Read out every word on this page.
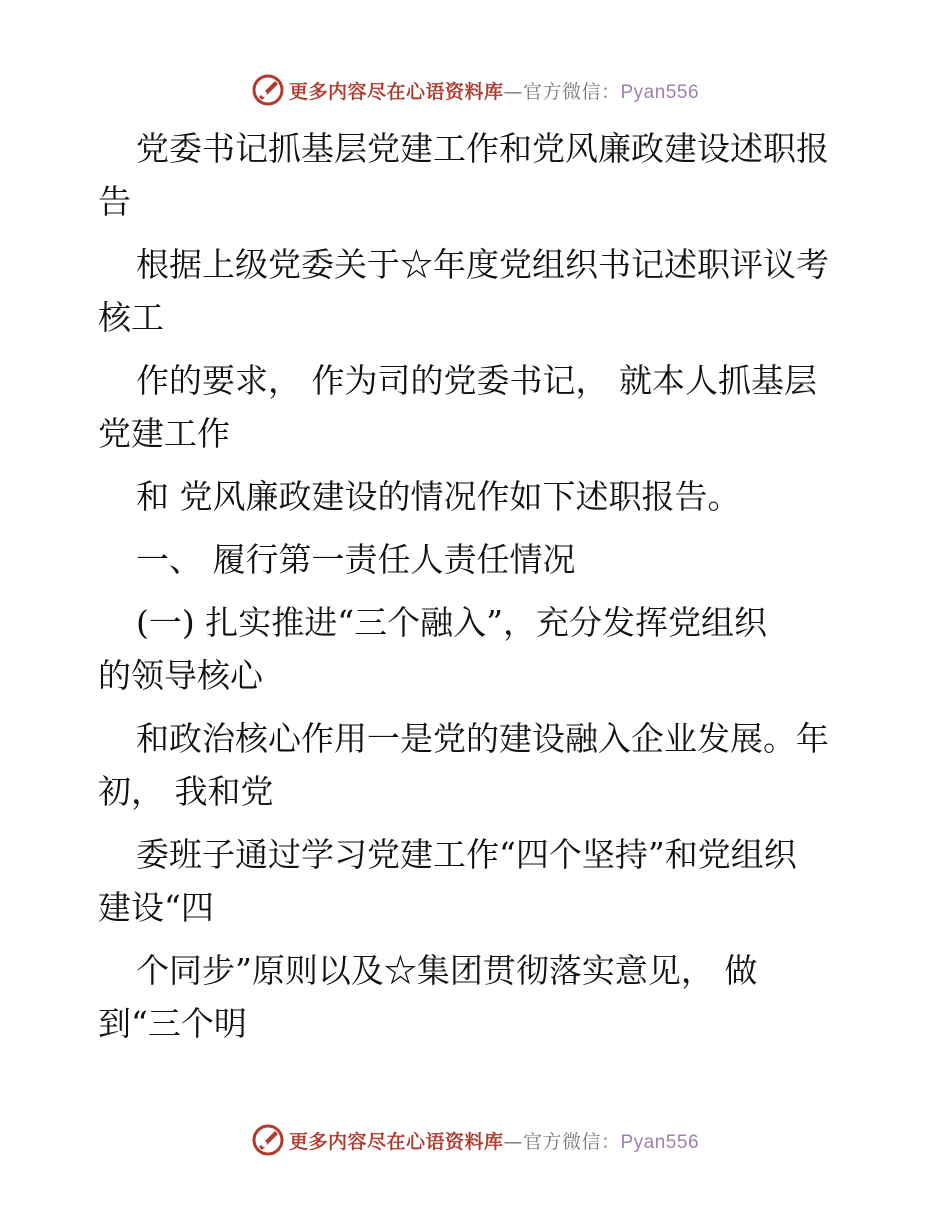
更多内容尽在心语资料库—官方微信：Pyan556

党委书记抓基层党建工作和党风廉政建设述职报
告

根据上级党委关于☆年度党组织书记述职评议考
核工

作的要求， 作为司的党委书记， 就本人抓基层
党建工作

和 党风廉政建设的情况作如下述职报告。

一、 履行第一责任人责任情况

(一) 扎实推进“三个融入”，充分发挥党组织
的领导核心

和政治核心作用一是党的建设融入企业发展。年
初， 我和党

委班子通过学习党建工作“四个坚持”和党组织
建设“四

个同步”原则以及☆集团贯彻落实意见， 做
到“三个明

更多内容尽在心语资料库—官方微信：Pyan556
